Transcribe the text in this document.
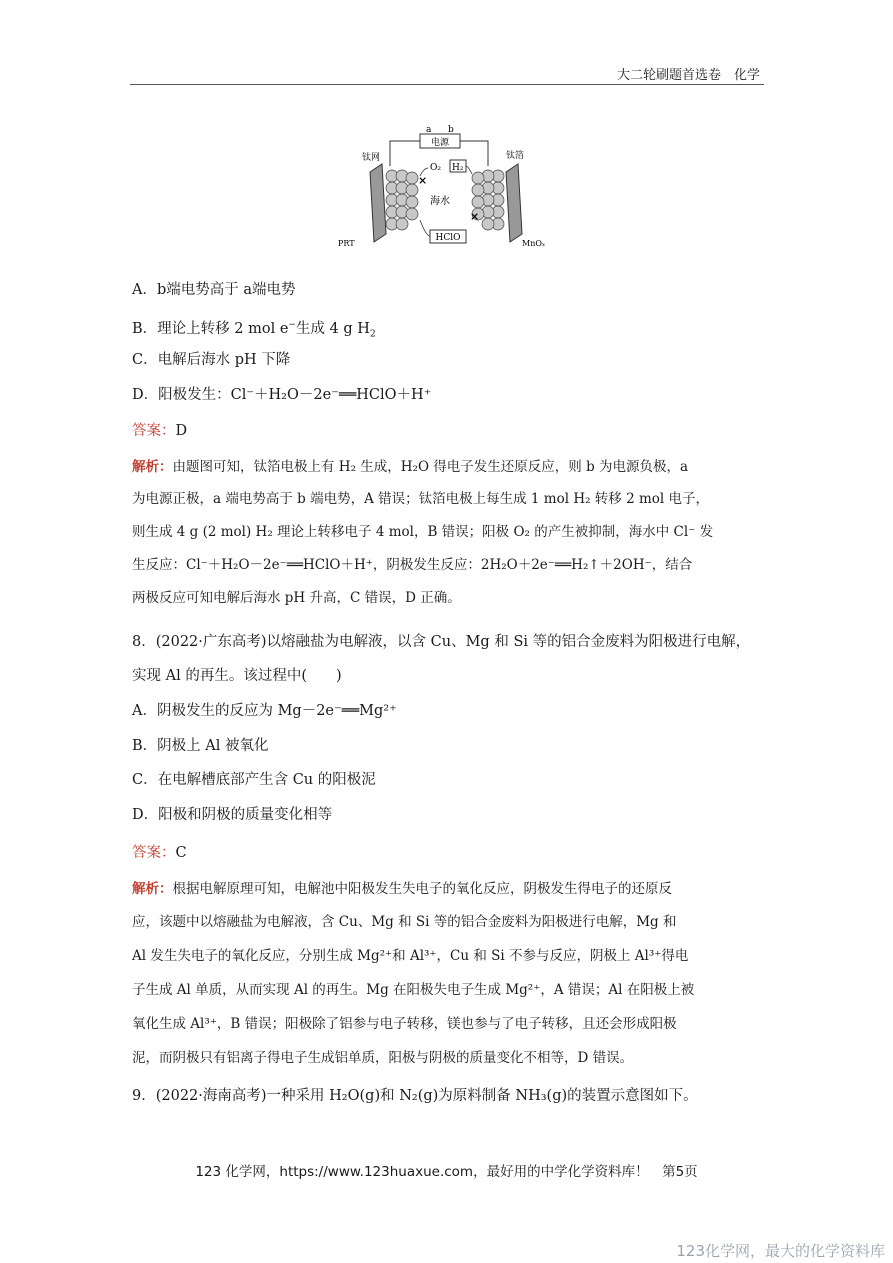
大二轮刷题首选卷　化学
电源
a b
钛网	钛箔
O₂ H₂
海水
HClO
×
×
PRT	MnOₓ
A．b端电势高于 a端电势
B．理论上转移 2 mol e−生成 4 g $H_2$
C．电解后海水 pH 下降
D．阳极发生：Cl⁻＋H₂O－2e⁻══HClO＋H⁺
答案：D
解析：由题图可知，钛箔电极上有 H₂ 生成，H₂O 得电子发生还原反应，则 b 为电源负极，a
为电源正极，a 端电势高于 b 端电势，A 错误；钛箔电极上每生成 1 mol H₂ 转移 2 mol 电子，
则生成 4 g (2 mol) H₂ 理论上转移电子 4 mol，B 错误；阳极 O₂ 的产生被抑制，海水中 Cl⁻ 发
生反应：Cl⁻＋H₂O－2e⁻══HClO＋H⁺，阴极发生反应：2H₂O＋2e⁻══H₂↑＋2OH⁻，结合
两极反应可知电解后海水 pH 升高，C 错误，D 正确。
8．(2022·广东高考)以熔融盐为电解液，以含 Cu、Mg 和 Si 等的铝合金废料为阳极进行电解，
实现 Al 的再生。该过程中(　　)
A．阴极发生的反应为 Mg－2e⁻══Mg²⁺
B．阴极上 Al 被氧化
C．在电解槽底部产生含 Cu 的阳极泥
D．阳极和阴极的质量变化相等
答案：C
解析：根据电解原理可知，电解池中阳极发生失电子的氧化反应，阴极发生得电子的还原反
应，该题中以熔融盐为电解液，含 Cu、Mg 和 Si 等的铝合金废料为阳极进行电解，Mg 和
Al 发生失电子的氧化反应，分别生成 Mg²⁺和 Al³⁺，Cu 和 Si 不参与反应，阴极上 Al³⁺得电
子生成 Al 单质，从而实现 Al 的再生。Mg 在阳极失电子生成 Mg²⁺，A 错误；Al 在阳极上被
氧化生成 Al³⁺，B 错误；阳极除了铝参与电子转移，镁也参与了电子转移，且还会形成阳极
泥，而阴极只有铝离子得电子生成铝单质，阳极与阴极的质量变化不相等，D 错误。
9．(2022·海南高考)一种采用 H₂O(g)和 N₂(g)为原料制备 NH₃(g)的装置示意图如下。
123 化学网，https://www.123huaxue.com，最好用的中学化学资料库！　第5页
123化学网，最大的化学资料库
